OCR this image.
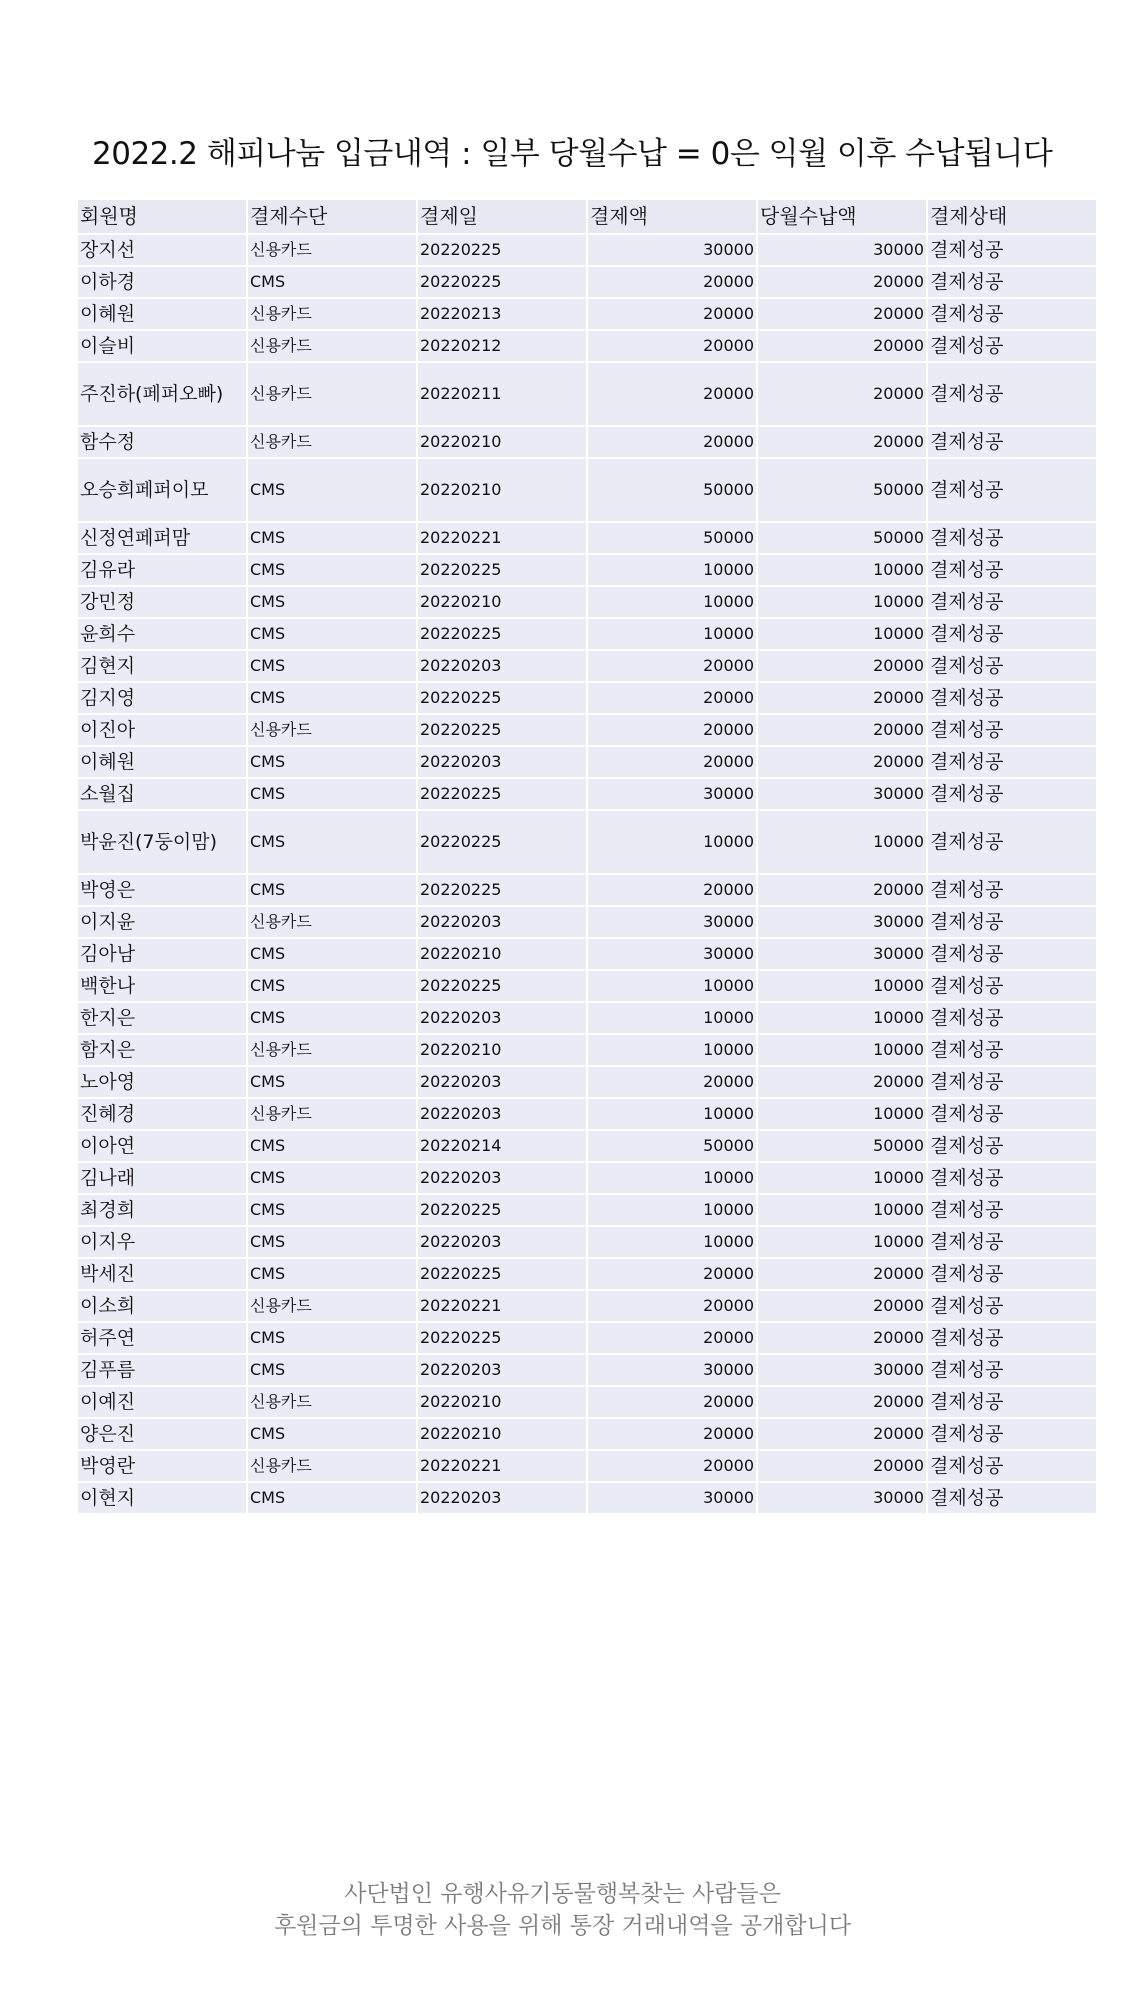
2022.2 해피나눔 입금내역 : 일부 당월수납 = 0은 익월 이후 수납됩니다
회원명	결제수단	결제일	결제액	당월수납액	결제상태
장지선	신용카드	20220225	30000	30000	결제성공
이하경	CMS	20220225	20000	20000	결제성공
이혜원	신용카드	20220213	20000	20000	결제성공
이슬비	신용카드	20220212	20000	20000	결제성공
주진하(페퍼오빠)	신용카드	20220211	20000	20000	결제성공
함수정	신용카드	20220210	20000	20000	결제성공
오승희페퍼이모	CMS	20220210	50000	50000	결제성공
신정연페퍼맘	CMS	20220221	50000	50000	결제성공
김유라	CMS	20220225	10000	10000	결제성공
강민정	CMS	20220210	10000	10000	결제성공
윤희수	CMS	20220225	10000	10000	결제성공
김현지	CMS	20220203	20000	20000	결제성공
김지영	CMS	20220225	20000	20000	결제성공
이진아	신용카드	20220225	20000	20000	결제성공
이혜원	CMS	20220203	20000	20000	결제성공
소월집	CMS	20220225	30000	30000	결제성공
박윤진(7둥이맘)	CMS	20220225	10000	10000	결제성공
박영은	CMS	20220225	20000	20000	결제성공
이지윤	신용카드	20220203	30000	30000	결제성공
김아남	CMS	20220210	30000	30000	결제성공
백한나	CMS	20220225	10000	10000	결제성공
한지은	CMS	20220203	10000	10000	결제성공
함지은	신용카드	20220210	10000	10000	결제성공
노아영	CMS	20220203	20000	20000	결제성공
진혜경	신용카드	20220203	10000	10000	결제성공
이아연	CMS	20220214	50000	50000	결제성공
김나래	CMS	20220203	10000	10000	결제성공
최경희	CMS	20220225	10000	10000	결제성공
이지우	CMS	20220203	10000	10000	결제성공
박세진	CMS	20220225	20000	20000	결제성공
이소희	신용카드	20220221	20000	20000	결제성공
허주연	CMS	20220225	20000	20000	결제성공
김푸름	CMS	20220203	30000	30000	결제성공
이예진	신용카드	20220210	20000	20000	결제성공
양은진	CMS	20220210	20000	20000	결제성공
박영란	신용카드	20220221	20000	20000	결제성공
이현지	CMS	20220203	30000	30000	결제성공
사단법인 유행사유기동물행복찾는 사람들은
후원금의 투명한 사용을 위해 통장 거래내역을 공개합니다
